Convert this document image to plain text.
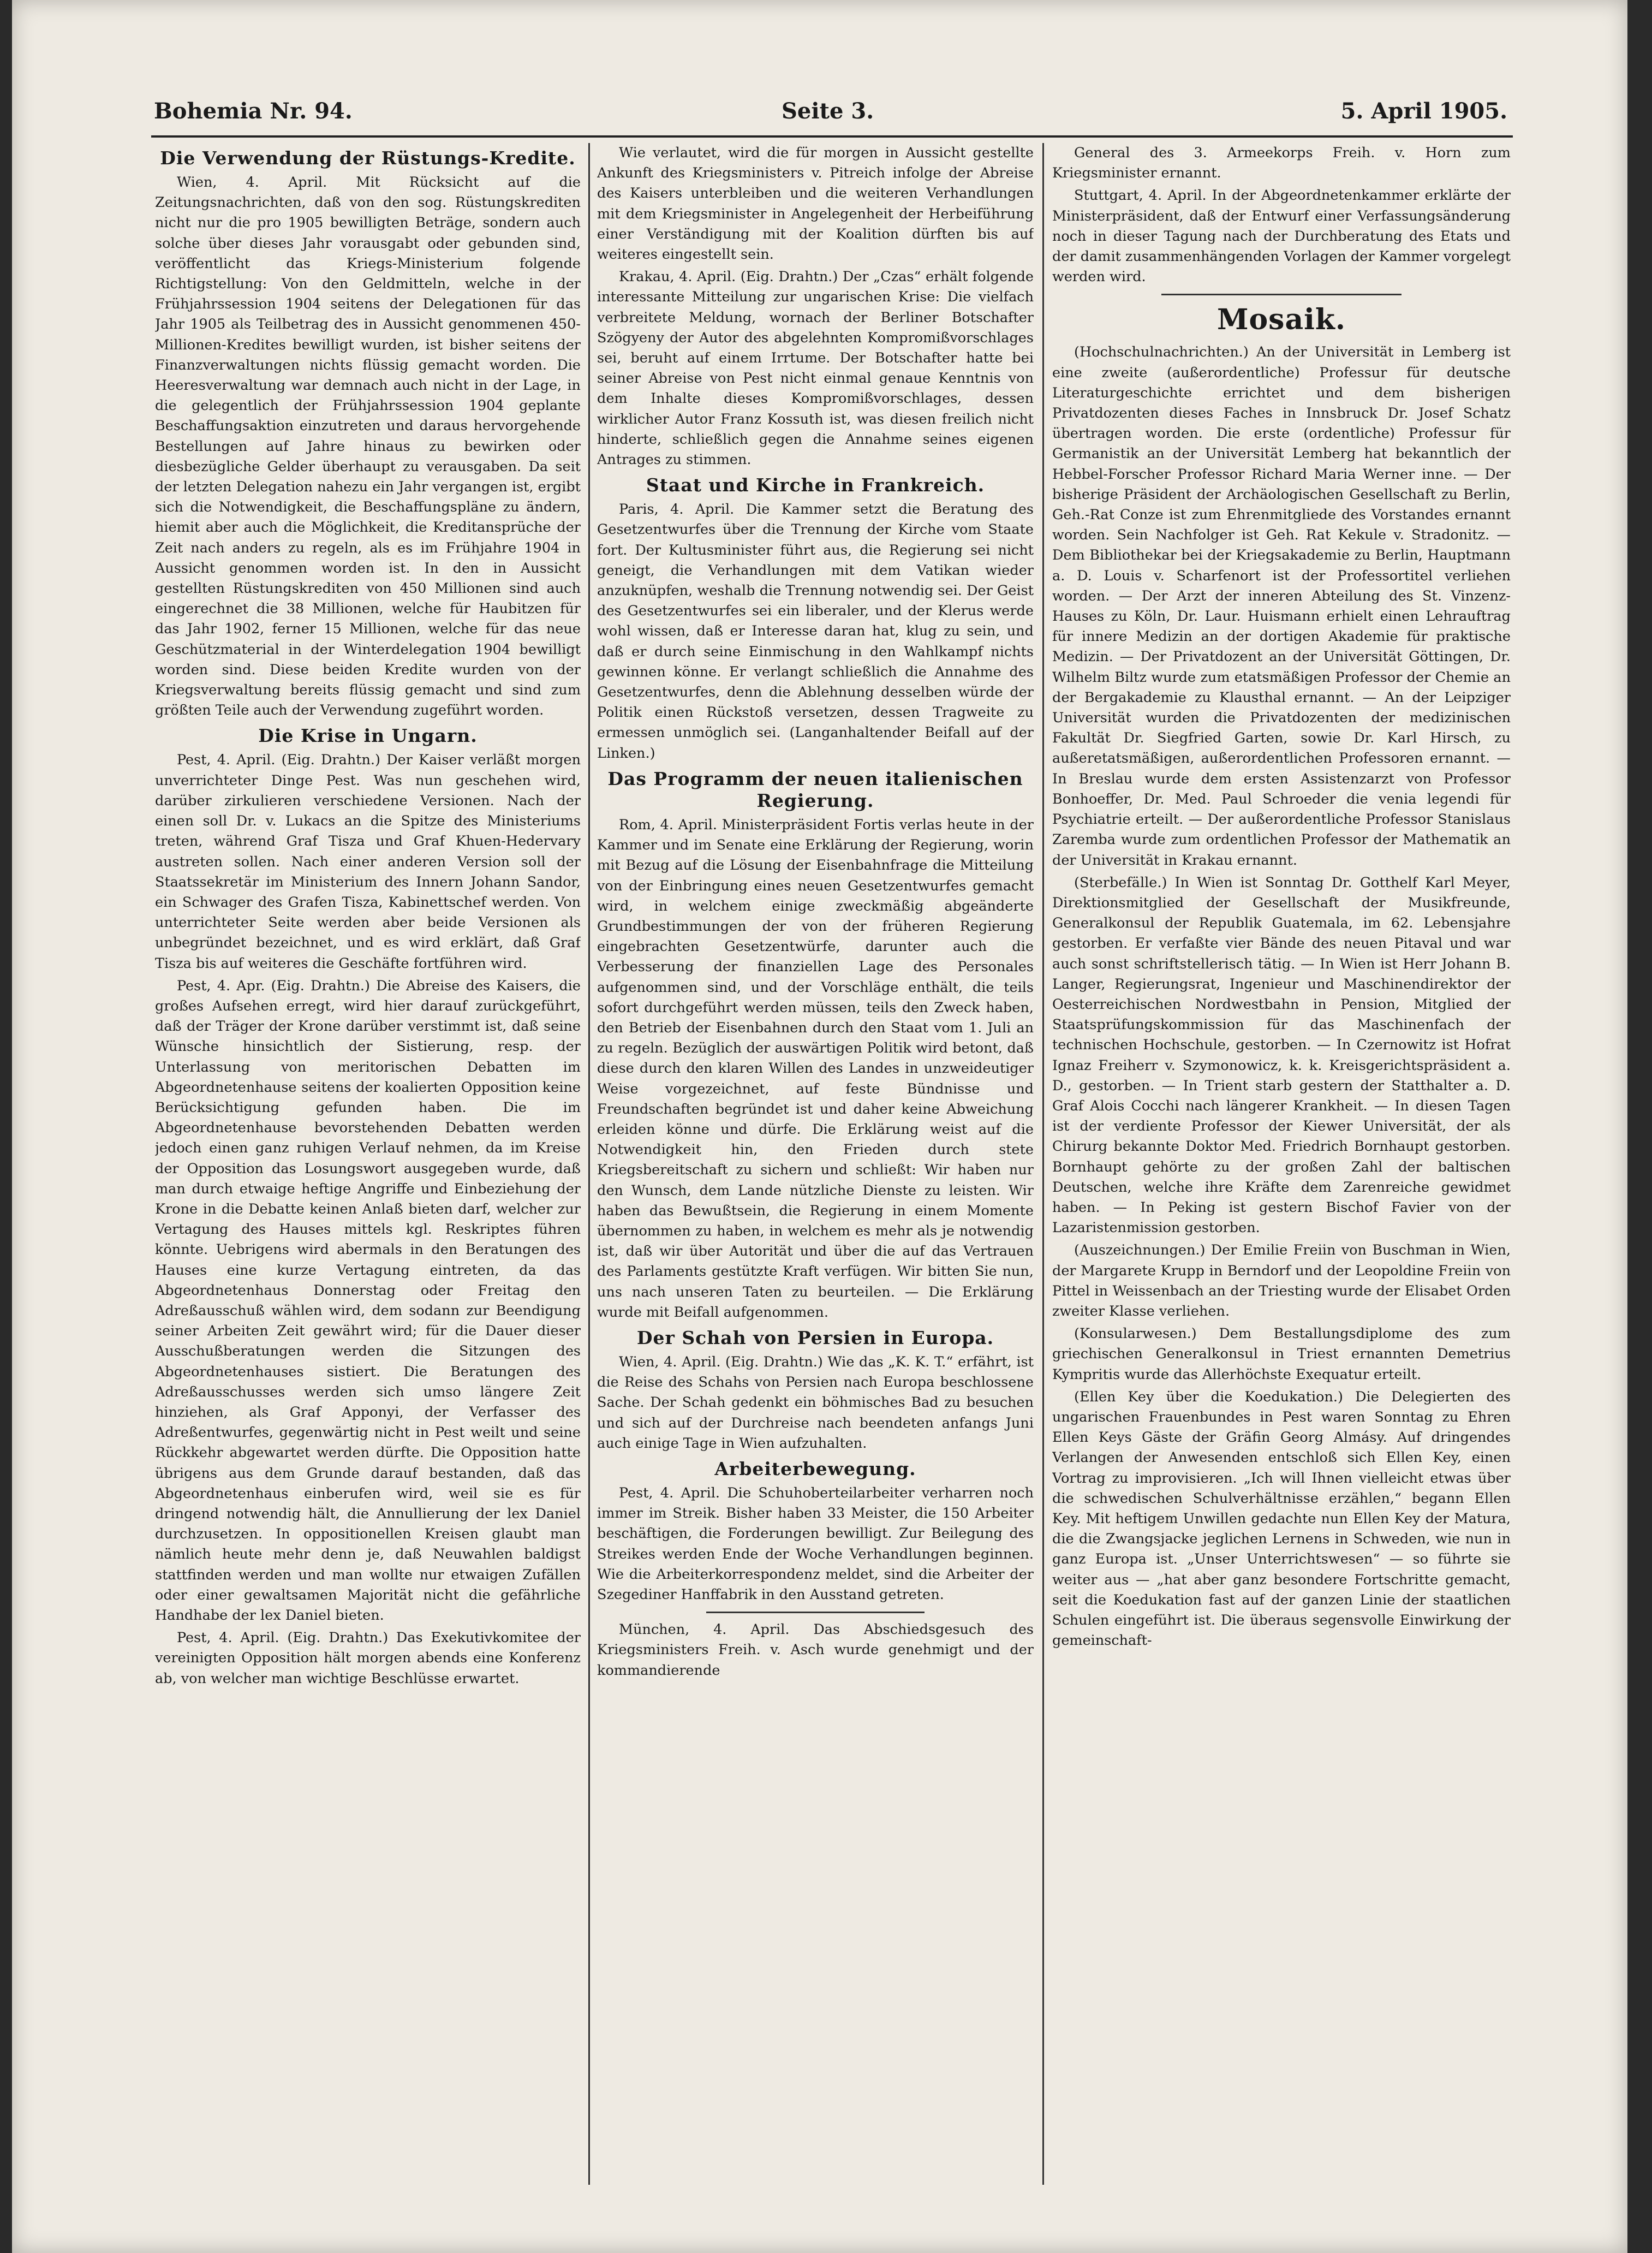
Bohemia Nr. 94.	Seite 3.	5. April 1905.
Die Verwendung der Rüstungs-Kredite.

Wien, 4. April. Mit Rücksicht auf die Zeitungsnachrichten, daß von den sog. Rüstungskrediten nicht nur die pro 1905 bewilligten Beträge, sondern auch solche über dieses Jahr vorausgabt oder gebunden sind, veröffentlicht das Kriegs-Ministerium folgende Richtigstellung: Von den Geldmitteln, welche in der Frühjahrssession 1904 seitens der Delegationen für das Jahr 1905 als Teilbetrag des in Aussicht genommenen 450-Millionen-Kredites bewilligt wurden, ist bisher seitens der Finanzverwaltungen nichts flüssig gemacht worden. Die Heeresverwaltung war demnach auch nicht in der Lage, in die gelegentlich der Frühjahrssession 1904 geplante Beschaffungsaktion einzutreten und daraus hervorgehende Bestellungen auf Jahre hinaus zu bewirken oder diesbezügliche Gelder überhaupt zu verausgaben. Da seit der letzten Delegation nahezu ein Jahr vergangen ist, ergibt sich die Notwendigkeit, die Beschaffungspläne zu ändern, hiemit aber auch die Möglichkeit, die Kreditansprüche der Zeit nach anders zu regeln, als es im Frühjahre 1904 in Aussicht genommen worden ist. In den in Aussicht gestellten Rüstungskrediten von 450 Millionen sind auch eingerechnet die 38 Millionen, welche für Haubitzen für das Jahr 1902, ferner 15 Millionen, welche für das neue Geschützmaterial in der Winterdelegation 1904 bewilligt worden sind. Diese beiden Kredite wurden von der Kriegsverwaltung bereits flüssig gemacht und sind zum größten Teile auch der Verwendung zugeführt worden.

Die Krise in Ungarn.

Pest, 4. April. (Eig. Drahtn.) Der Kaiser verläßt morgen unverrichteter Dinge Pest. Was nun geschehen wird, darüber zirkulieren verschiedene Versionen. Nach der einen soll Dr. v. Lukacs an die Spitze des Ministeriums treten, während Graf Tisza und Graf Khuen-Hedervary austreten sollen. Nach einer anderen Version soll der Staatssekretär im Ministerium des Innern Johann Sandor, ein Schwager des Grafen Tisza, Kabinettschef werden. Von unterrichteter Seite werden aber beide Versionen als unbegründet bezeichnet, und es wird erklärt, daß Graf Tisza bis auf weiteres die Geschäfte fortführen wird.

Pest, 4. Apr. (Eig. Drahtn.) Die Abreise des Kaisers, die großes Aufsehen erregt, wird hier darauf zurückgeführt, daß der Träger der Krone darüber verstimmt ist, daß seine Wünsche hinsichtlich der Sistierung, resp. der Unterlassung von meritorischen Debatten im Abgeordnetenhause seitens der koalierten Opposition keine Berücksichtigung gefunden haben. Die im Abgeordnetenhause bevorstehenden Debatten werden jedoch einen ganz ruhigen Verlauf nehmen, da im Kreise der Opposition das Losungswort ausgegeben wurde, daß man durch etwaige heftige Angriffe und Einbeziehung der Krone in die Debatte keinen Anlaß bieten darf, welcher zur Vertagung des Hauses mittels kgl. Reskriptes führen könnte. Uebrigens wird abermals in den Beratungen des Hauses eine kurze Vertagung eintreten, da das Abgeordnetenhaus Donnerstag oder Freitag den Adreßausschuß wählen wird, dem sodann zur Beendigung seiner Arbeiten Zeit gewährt wird; für die Dauer dieser Ausschußberatungen werden die Sitzungen des Abgeordnetenhauses sistiert. Die Beratungen des Adreßausschusses werden sich umso längere Zeit hinziehen, als Graf Apponyi, der Verfasser des Adreßentwurfes, gegenwärtig nicht in Pest weilt und seine Rückkehr abgewartet werden dürfte. Die Opposition hatte übrigens aus dem Grunde darauf bestanden, daß das Abgeordnetenhaus einberufen wird, weil sie es für dringend notwendig hält, die Annullierung der lex Daniel durchzusetzen. In oppositionellen Kreisen glaubt man nämlich heute mehr denn je, daß Neuwahlen baldigst stattfinden werden und man wollte nur etwaigen Zufällen oder einer gewaltsamen Majorität nicht die gefährliche Handhabe der lex Daniel bieten.

Pest, 4. April. (Eig. Drahtn.) Das Exekutivkomitee der vereinigten Opposition hält morgen abends eine Konferenz ab, von welcher man wichtige Beschlüsse erwartet.

Wie verlautet, wird die für morgen in Aussicht gestellte Ankunft des Kriegsministers v. Pitreich infolge der Abreise des Kaisers unterbleiben und die weiteren Verhandlungen mit dem Kriegsminister in Angelegenheit der Herbeiführung einer Verständigung mit der Koalition dürften bis auf weiteres eingestellt sein.

Krakau, 4. April. (Eig. Drahtn.) Der „Czas“ erhält folgende interessante Mitteilung zur ungarischen Krise: Die vielfach verbreitete Meldung, wornach der Berliner Botschafter Szögyeny der Autor des abgelehnten Kompromißvorschlages sei, beruht auf einem Irrtume. Der Botschafter hatte bei seiner Abreise von Pest nicht einmal genaue Kenntnis von dem Inhalte dieses Kompromißvorschlages, dessen wirklicher Autor Franz Kossuth ist, was diesen freilich nicht hinderte, schließlich gegen die Annahme seines eigenen Antrages zu stimmen.

Staat und Kirche in Frankreich.

Paris, 4. April. Die Kammer setzt die Beratung des Gesetzentwurfes über die Trennung der Kirche vom Staate fort. Der Kultusminister führt aus, die Regierung sei nicht geneigt, die Verhandlungen mit dem Vatikan wieder anzuknüpfen, weshalb die Trennung notwendig sei. Der Geist des Gesetzentwurfes sei ein liberaler, und der Klerus werde wohl wissen, daß er Interesse daran hat, klug zu sein, und daß er durch seine Einmischung in den Wahlkampf nichts gewinnen könne. Er verlangt schließlich die Annahme des Gesetzentwurfes, denn die Ablehnung desselben würde der Politik einen Rückstoß versetzen, dessen Tragweite zu ermessen unmöglich sei. (Langanhaltender Beifall auf der Linken.)

Das Programm der neuen italienischen Regierung.

Rom, 4. April. Ministerpräsident Fortis verlas heute in der Kammer und im Senate eine Erklärung der Regierung, worin mit Bezug auf die Lösung der Eisenbahnfrage die Mitteilung von der Einbringung eines neuen Gesetzentwurfes gemacht wird, in welchem einige zweckmäßig abgeänderte Grundbestimmungen der von der früheren Regierung eingebrachten Gesetzentwürfe, darunter auch die Verbesserung der finanziellen Lage des Personales aufgenommen sind, und der Vorschläge enthält, die teils sofort durchgeführt werden müssen, teils den Zweck haben, den Betrieb der Eisenbahnen durch den Staat vom 1. Juli an zu regeln. Bezüglich der auswärtigen Politik wird betont, daß diese durch den klaren Willen des Landes in unzweideutiger Weise vorgezeichnet, auf feste Bündnisse und Freundschaften begründet ist und daher keine Abweichung erleiden könne und dürfe. Die Erklärung weist auf die Notwendigkeit hin, den Frieden durch stete Kriegsbereitschaft zu sichern und schließt: Wir haben nur den Wunsch, dem Lande nützliche Dienste zu leisten. Wir haben das Bewußtsein, die Regierung in einem Momente übernommen zu haben, in welchem es mehr als je notwendig ist, daß wir über Autorität und über die auf das Vertrauen des Parlaments gestützte Kraft verfügen. Wir bitten Sie nun, uns nach unseren Taten zu beurteilen. — Die Erklärung wurde mit Beifall aufgenommen.

Der Schah von Persien in Europa.

Wien, 4. April. (Eig. Drahtn.) Wie das „K. K. T.“ erfährt, ist die Reise des Schahs von Persien nach Europa beschlossene Sache. Der Schah gedenkt ein böhmisches Bad zu besuchen und sich auf der Durchreise nach beendeten anfangs Juni auch einige Tage in Wien aufzuhalten.

Arbeiterbewegung.

Pest, 4. April. Die Schuhoberteilarbeiter verharren noch immer im Streik. Bisher haben 33 Meister, die 150 Arbeiter beschäftigen, die Forderungen bewilligt. Zur Beilegung des Streikes werden Ende der Woche Verhandlungen beginnen. Wie die Arbeiterkorrespondenz meldet, sind die Arbeiter der Szegediner Hanffabrik in den Ausstand getreten.

München, 4. April. Das Abschiedsgesuch des Kriegsministers Freih. v. Asch wurde genehmigt und der kommandierende

General des 3. Armeekorps Freih. v. Horn zum Kriegsminister ernannt.

Stuttgart, 4. April. In der Abgeordnetenkammer erklärte der Ministerpräsident, daß der Entwurf einer Verfassungsänderung noch in dieser Tagung nach der Durchberatung des Etats und der damit zusammenhängenden Vorlagen der Kammer vorgelegt werden wird.

Mosaik.

(Hochschulnachrichten.) An der Universität in Lemberg ist eine zweite (außerordentliche) Professur für deutsche Literaturgeschichte errichtet und dem bisherigen Privatdozenten dieses Faches in Innsbruck Dr. Josef Schatz übertragen worden. Die erste (ordentliche) Professur für Germanistik an der Universität Lemberg hat bekanntlich der Hebbel-Forscher Professor Richard Maria Werner inne. — Der bisherige Präsident der Archäologischen Gesellschaft zu Berlin, Geh.-Rat Conze ist zum Ehrenmitgliede des Vorstandes ernannt worden. Sein Nachfolger ist Geh. Rat Kekule v. Stradonitz. — Dem Bibliothekar bei der Kriegsakademie zu Berlin, Hauptmann a. D. Louis v. Scharfenort ist der Professortitel verliehen worden. — Der Arzt der inneren Abteilung des St. Vinzenz-Hauses zu Köln, Dr. Laur. Huismann erhielt einen Lehrauftrag für innere Medizin an der dortigen Akademie für praktische Medizin. — Der Privatdozent an der Universität Göttingen, Dr. Wilhelm Biltz wurde zum etatsmäßigen Professor der Chemie an der Bergakademie zu Klausthal ernannt. — An der Leipziger Universität wurden die Privatdozenten der medizinischen Fakultät Dr. Siegfried Garten, sowie Dr. Karl Hirsch, zu außeretatsmäßigen, außerordentlichen Professoren ernannt. — In Breslau wurde dem ersten Assistenzarzt von Professor Bonhoeffer, Dr. Med. Paul Schroeder die venia legendi für Psychiatrie erteilt. — Der außerordentliche Professor Stanislaus Zaremba wurde zum ordentlichen Professor der Mathematik an der Universität in Krakau ernannt.

(Sterbefälle.) In Wien ist Sonntag Dr. Gotthelf Karl Meyer, Direktionsmitglied der Gesellschaft der Musikfreunde, Generalkonsul der Republik Guatemala, im 62. Lebensjahre gestorben. Er verfaßte vier Bände des neuen Pitaval und war auch sonst schriftstellerisch tätig. — In Wien ist Herr Johann B. Langer, Regierungsrat, Ingenieur und Maschinendirektor der Oesterreichischen Nordwestbahn in Pension, Mitglied der Staatsprüfungskommission für das Maschinenfach der technischen Hochschule, gestorben. — In Czernowitz ist Hofrat Ignaz Freiherr v. Szymonowicz, k. k. Kreisgerichtspräsident a. D., gestorben. — In Trient starb gestern der Statthalter a. D. Graf Alois Cocchi nach längerer Krankheit. — In diesen Tagen ist der verdiente Professor der Kiewer Universität, der als Chirurg bekannte Doktor Med. Friedrich Bornhaupt gestorben. Bornhaupt gehörte zu der großen Zahl der baltischen Deutschen, welche ihre Kräfte dem Zarenreiche gewidmet haben. — In Peking ist gestern Bischof Favier von der Lazaristenmission gestorben.

(Auszeichnungen.) Der Emilie Freiin von Buschman in Wien, der Margarete Krupp in Berndorf und der Leopoldine Freiin von Pittel in Weissenbach an der Triesting wurde der Elisabet Orden zweiter Klasse verliehen.

(Konsularwesen.) Dem Bestallungsdiplome des zum griechischen Generalkonsul in Triest ernannten Demetrius Kympritis wurde das Allerhöchste Exequatur erteilt.

(Ellen Key über die Koedukation.) Die Delegierten des ungarischen Frauenbundes in Pest waren Sonntag zu Ehren Ellen Keys Gäste der Gräfin Georg Almásy. Auf dringendes Verlangen der Anwesenden entschloß sich Ellen Key, einen Vortrag zu improvisieren. „Ich will Ihnen vielleicht etwas über die schwedischen Schulverhältnisse erzählen,“ begann Ellen Key. Mit heftigem Unwillen gedachte nun Ellen Key der Matura, die die Zwangsjacke jeglichen Lernens in Schweden, wie nun in ganz Europa ist. „Unser Unterrichtswesen“ — so führte sie weiter aus — „hat aber ganz besondere Fortschritte gemacht, seit die Koedukation fast auf der ganzen Linie der staatlichen Schulen eingeführt ist. Die überaus segensvolle Einwirkung der gemeinschaft-
